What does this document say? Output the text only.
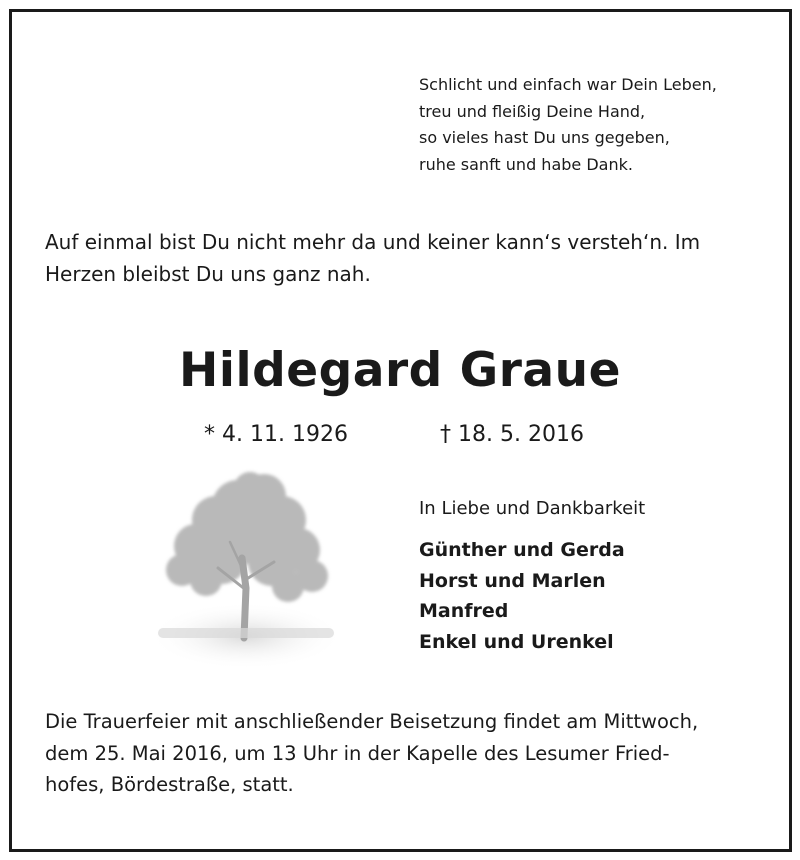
Schlicht und einfach war Dein Leben,
treu und fleißig Deine Hand,
so vieles hast Du uns gegeben,
ruhe sanft und habe Dank.
Auf einmal bist Du nicht mehr da und keiner kann‘s versteh‘n. Im
Herzen bleibst Du uns ganz nah.
Hildegard Graue
* 4. 11. 1926	† 18. 5. 2016
In Liebe und Dankbarkeit
Günther und Gerda
Horst und Marlen
Manfred
Enkel und Urenkel
Die Trauerfeier mit anschließender Beisetzung findet am Mittwoch,
dem 25. Mai 2016, um 13 Uhr in der Kapelle des Lesumer Fried-
hofes, Bördestraße, statt.
